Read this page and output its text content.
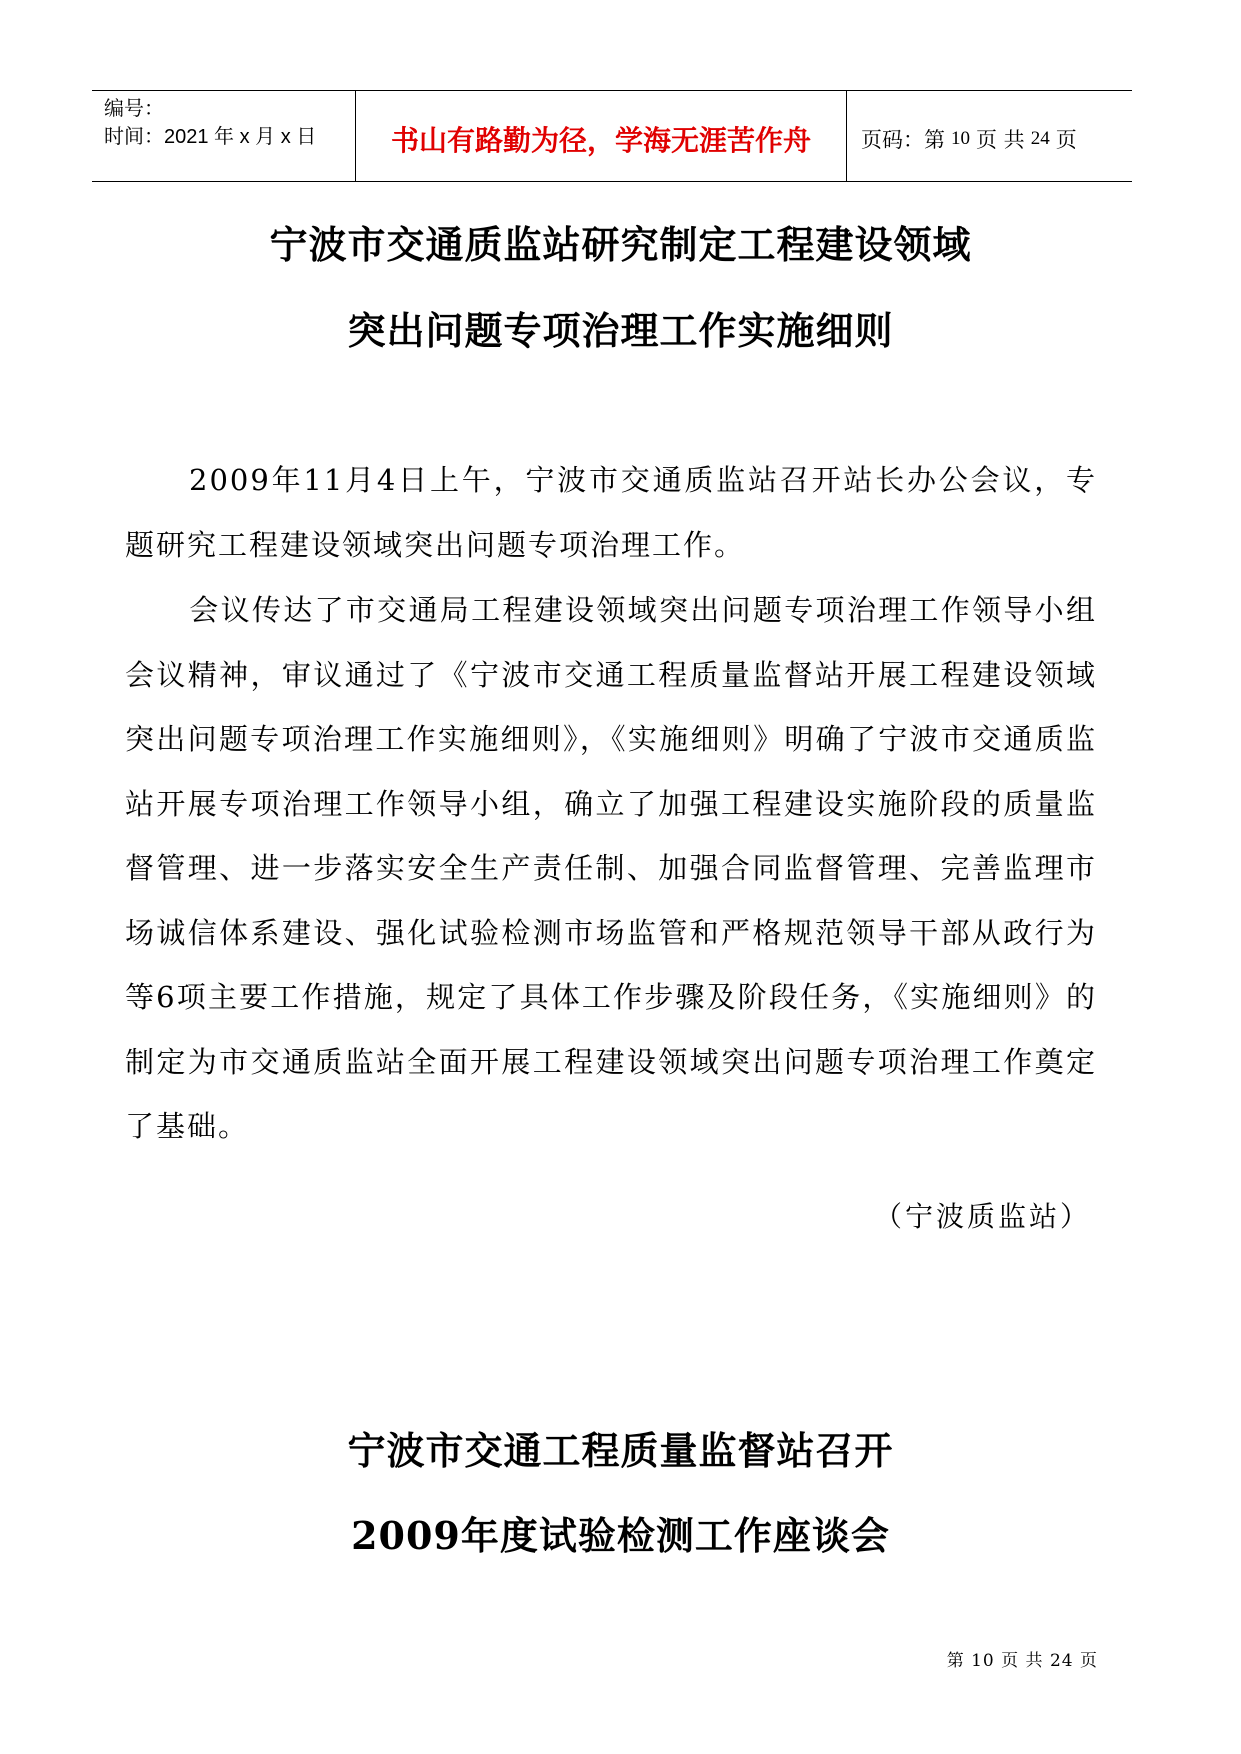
编号：
时间：2021 年 x 月 x 日	书山有路勤为径，学海无涯苦作舟	页码：第 10 页 共 24 页
宁波市交通质监站研究制定工程建设领域
突出问题专项治理工作实施细则
2009年11月4日上午，宁波市交通质监站召开站长办公会议，专题研究工程建设领域突出问题专项治理工作。
会议传达了市交通局工程建设领域突出问题专项治理工作领导小组会议精神，审议通过了《宁波市交通工程质量监督站开展工程建设领域突出问题专项治理工作实施细则》，《实施细则》明确了宁波市交通质监站开展专项治理工作领导小组，确立了加强工程建设实施阶段的质量监督管理、进一步落实安全生产责任制、加强合同监督管理、完善监理市场诚信体系建设、强化试验检测市场监管和严格规范领导干部从政行为等6项主要工作措施，规定了具体工作步骤及阶段任务，《实施细则》的制定为市交通质监站全面开展工程建设领域突出问题专项治理工作奠定了基础。
（宁波质监站）
宁波市交通工程质量监督站召开
2009年度试验检测工作座谈会
第 10 页 共 24 页
